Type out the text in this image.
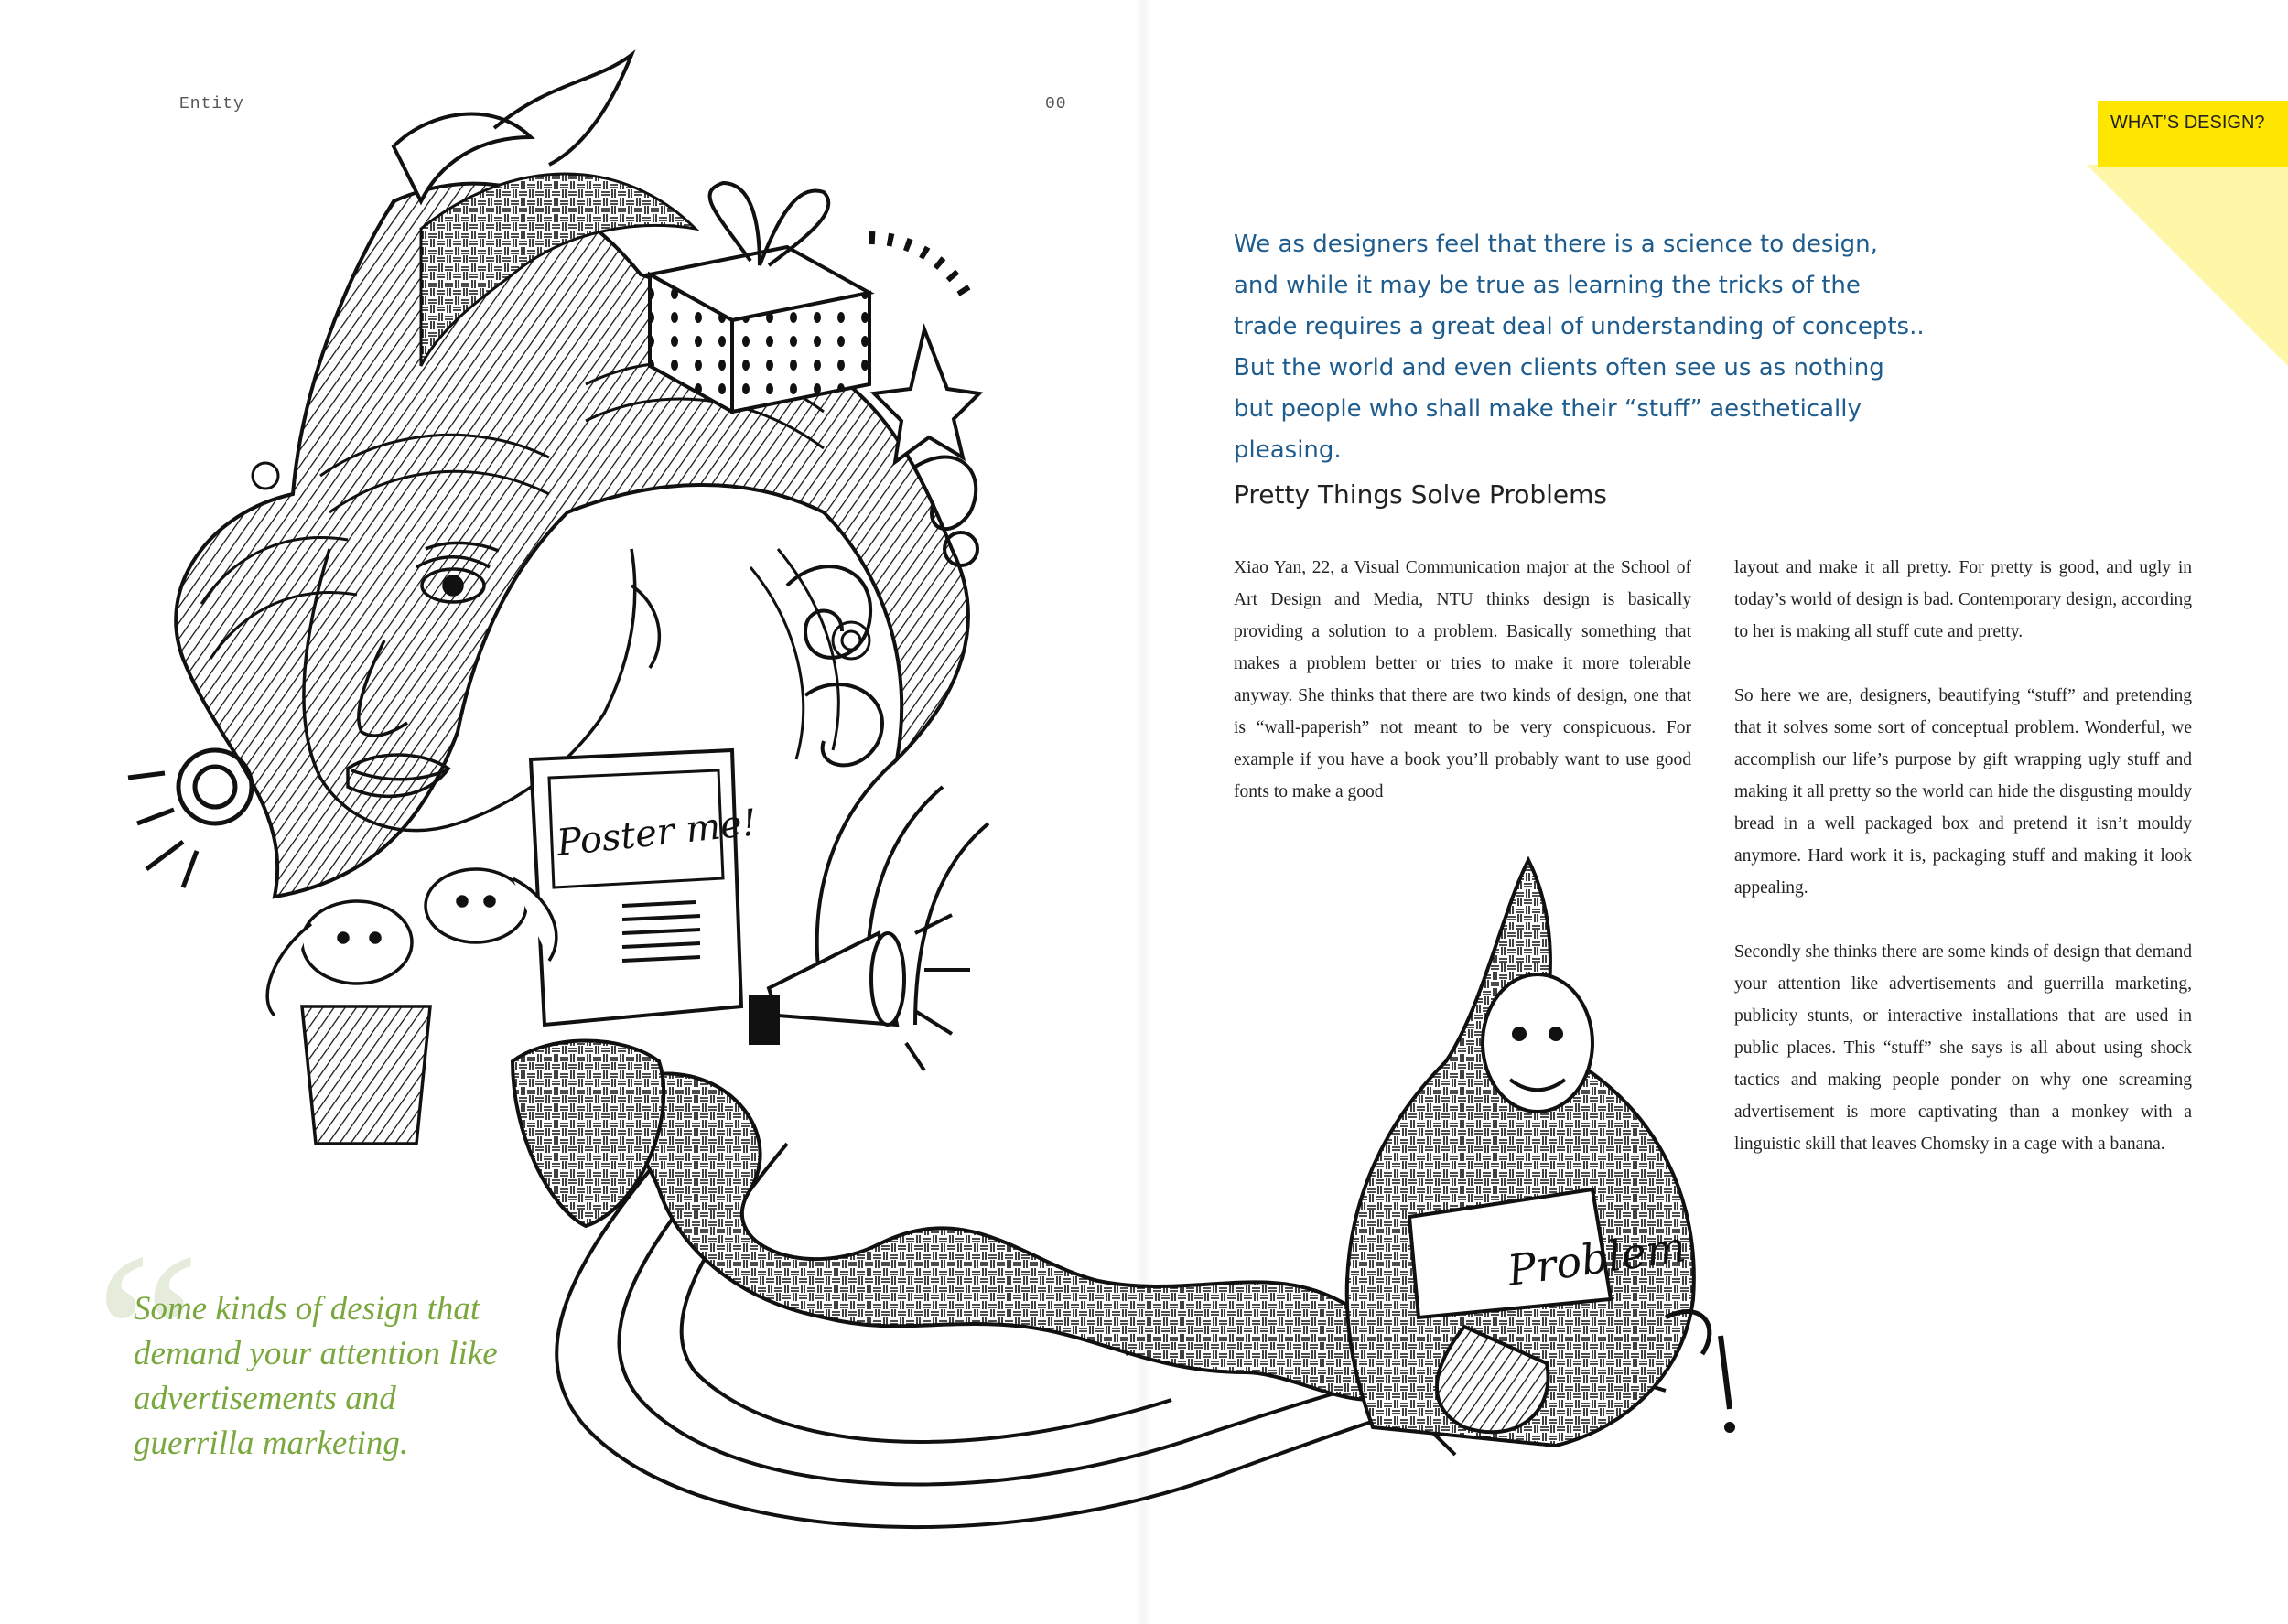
Poster me!
Problem
Entity	00
WHAT’S DESIGN?

We as designers feel that there is a science to design, and while it may be true as learning the tricks of the trade requires a great deal of understanding of concepts.. But the world and even clients often see us as nothing but people who shall make their “stuff” aesthetically pleasing.

Pretty Things Solve Problems

Xiao Yan, 22, a Visual Communication major at the School of Art Design and Media, NTU thinks design is basically providing a solution to a problem. Basically something that makes a problem better or tries to make it more tolerable anyway. She thinks that there are two kinds of design, one that is “wall-paperish” not meant to be very conspicuous. For example if you have a book you’ll probably want to use good fonts to make a good

layout and make it all pretty. For pretty is good, and ugly in today’s world of design is bad. Contemporary design, according to her is making all stuff cute and pretty.

So here we are, designers, beautifying “stuff” and pretending that it solves some sort of conceptual problem. Wonderful, we accomplish our life’s purpose by gift wrapping ugly stuff and making it all pretty so the world can hide the disgusting mouldy bread in a well packaged box and pretend it isn’t mouldy anymore. Hard work it is, packaging stuff and making it look appealing.

Secondly she thinks there are some kinds of design that demand your attention like advertisements and guerrilla marketing, publicity stunts, or interactive installations that are used in public places. This “stuff” she says is all about using shock tactics and making people ponder on why one screaming advertisement is more captivating than a monkey with a linguistic skill that leaves Chomsky in a cage with a banana.

“

Some kinds of design that demand your attention like advertisements and guerrilla marketing.
